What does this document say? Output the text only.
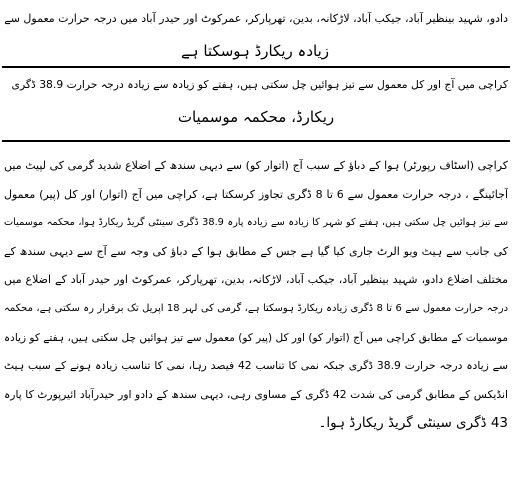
دادو، شہید بینظیر آباد، جیکب آباد، لاڑکانہ، بدین، تھرپارکر، عمرکوٹ اور حیدر آباد میں درجہ حرارت معمول سے
زیادہ ریکارڈ ہوسکتا ہے
کراچی میں آج اور کل معمول سے تیز ہوائیں چل سکتی ہیں، ہفتے کو زیادہ سے زیادہ درجہ حرارت 38.9 ڈگری
ریکارڈ، محکمہ موسمیات
کراچی (اسٹاف رپورٹر) ہوا کے دباؤ کے سبب آج (اتوار کو) سے دیہی سندھ کے اضلاع شدید گرمی کی لپیٹ میں
آجائینگے ، درجہ حرارت معمول سے 6 تا 8 ڈگری تجاوز کرسکتا ہے، کراچی میں آج (اتوار) اور کل (پیر) معمول
سے تیز ہوائیں چل سکتی ہیں، ہفتے کو شہر کا زیادہ سے زیادہ پارہ 38.9 ڈگری سینٹی گریڈ ریکارڈ ہوا، محکمہ موسمیات
کی جانب سے ہیٹ ویو الرٹ جاری کیا گیا ہے جس کے مطابق ہوا کے دباؤ کی وجہ سے آج سے دیہی سندھ کے
مختلف اضلاع دادو، شہید بینظیر آباد، جیکب آباد، لاڑکانہ، بدین، تھرپارکر، عمرکوٹ اور حیدر آباد کے اضلاع میں
درجہ حرارت معمول سے 6 تا 8 ڈگری زیادہ ریکارڈ ہوسکتا ہے، گرمی کی لہر 18 اپریل تک برقرار رہ سکتی ہے، محکمہ
موسمیات کے مطابق کراچی میں آج (اتوار کو) اور کل (پیر کو) معمول سے تیز ہوائیں چل سکتی ہیں، ہفتے کو زیادہ
سے زیادہ درجہ حرارت 38.9 ڈگری جبکہ نمی کا تناسب 42 فیصد رہا، نمی کا تناسب زیادہ ہونے کے سبب ہیٹ
انڈیکس کے مطابق گرمی کی شدت 42 ڈگری کے مساوی رہی، دیہی سندھ کے دادو اور حیدرآباد ائیرپورٹ کا پارہ
43 ڈگری سینٹی گریڈ ریکارڈ ہوا۔
